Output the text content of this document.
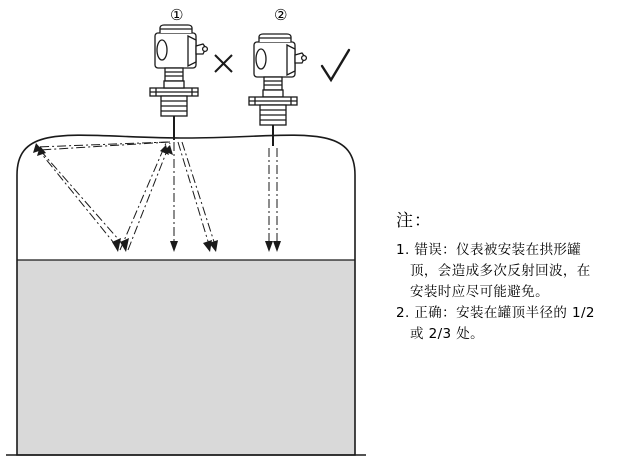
①	②
注：
1. 错误：仪表被安装在拱形罐
顶，会造成多次反射回波，在
安装时应尽可能避免。
2. 正确：安装在罐顶半径的 1/2
或 2/3 处。
